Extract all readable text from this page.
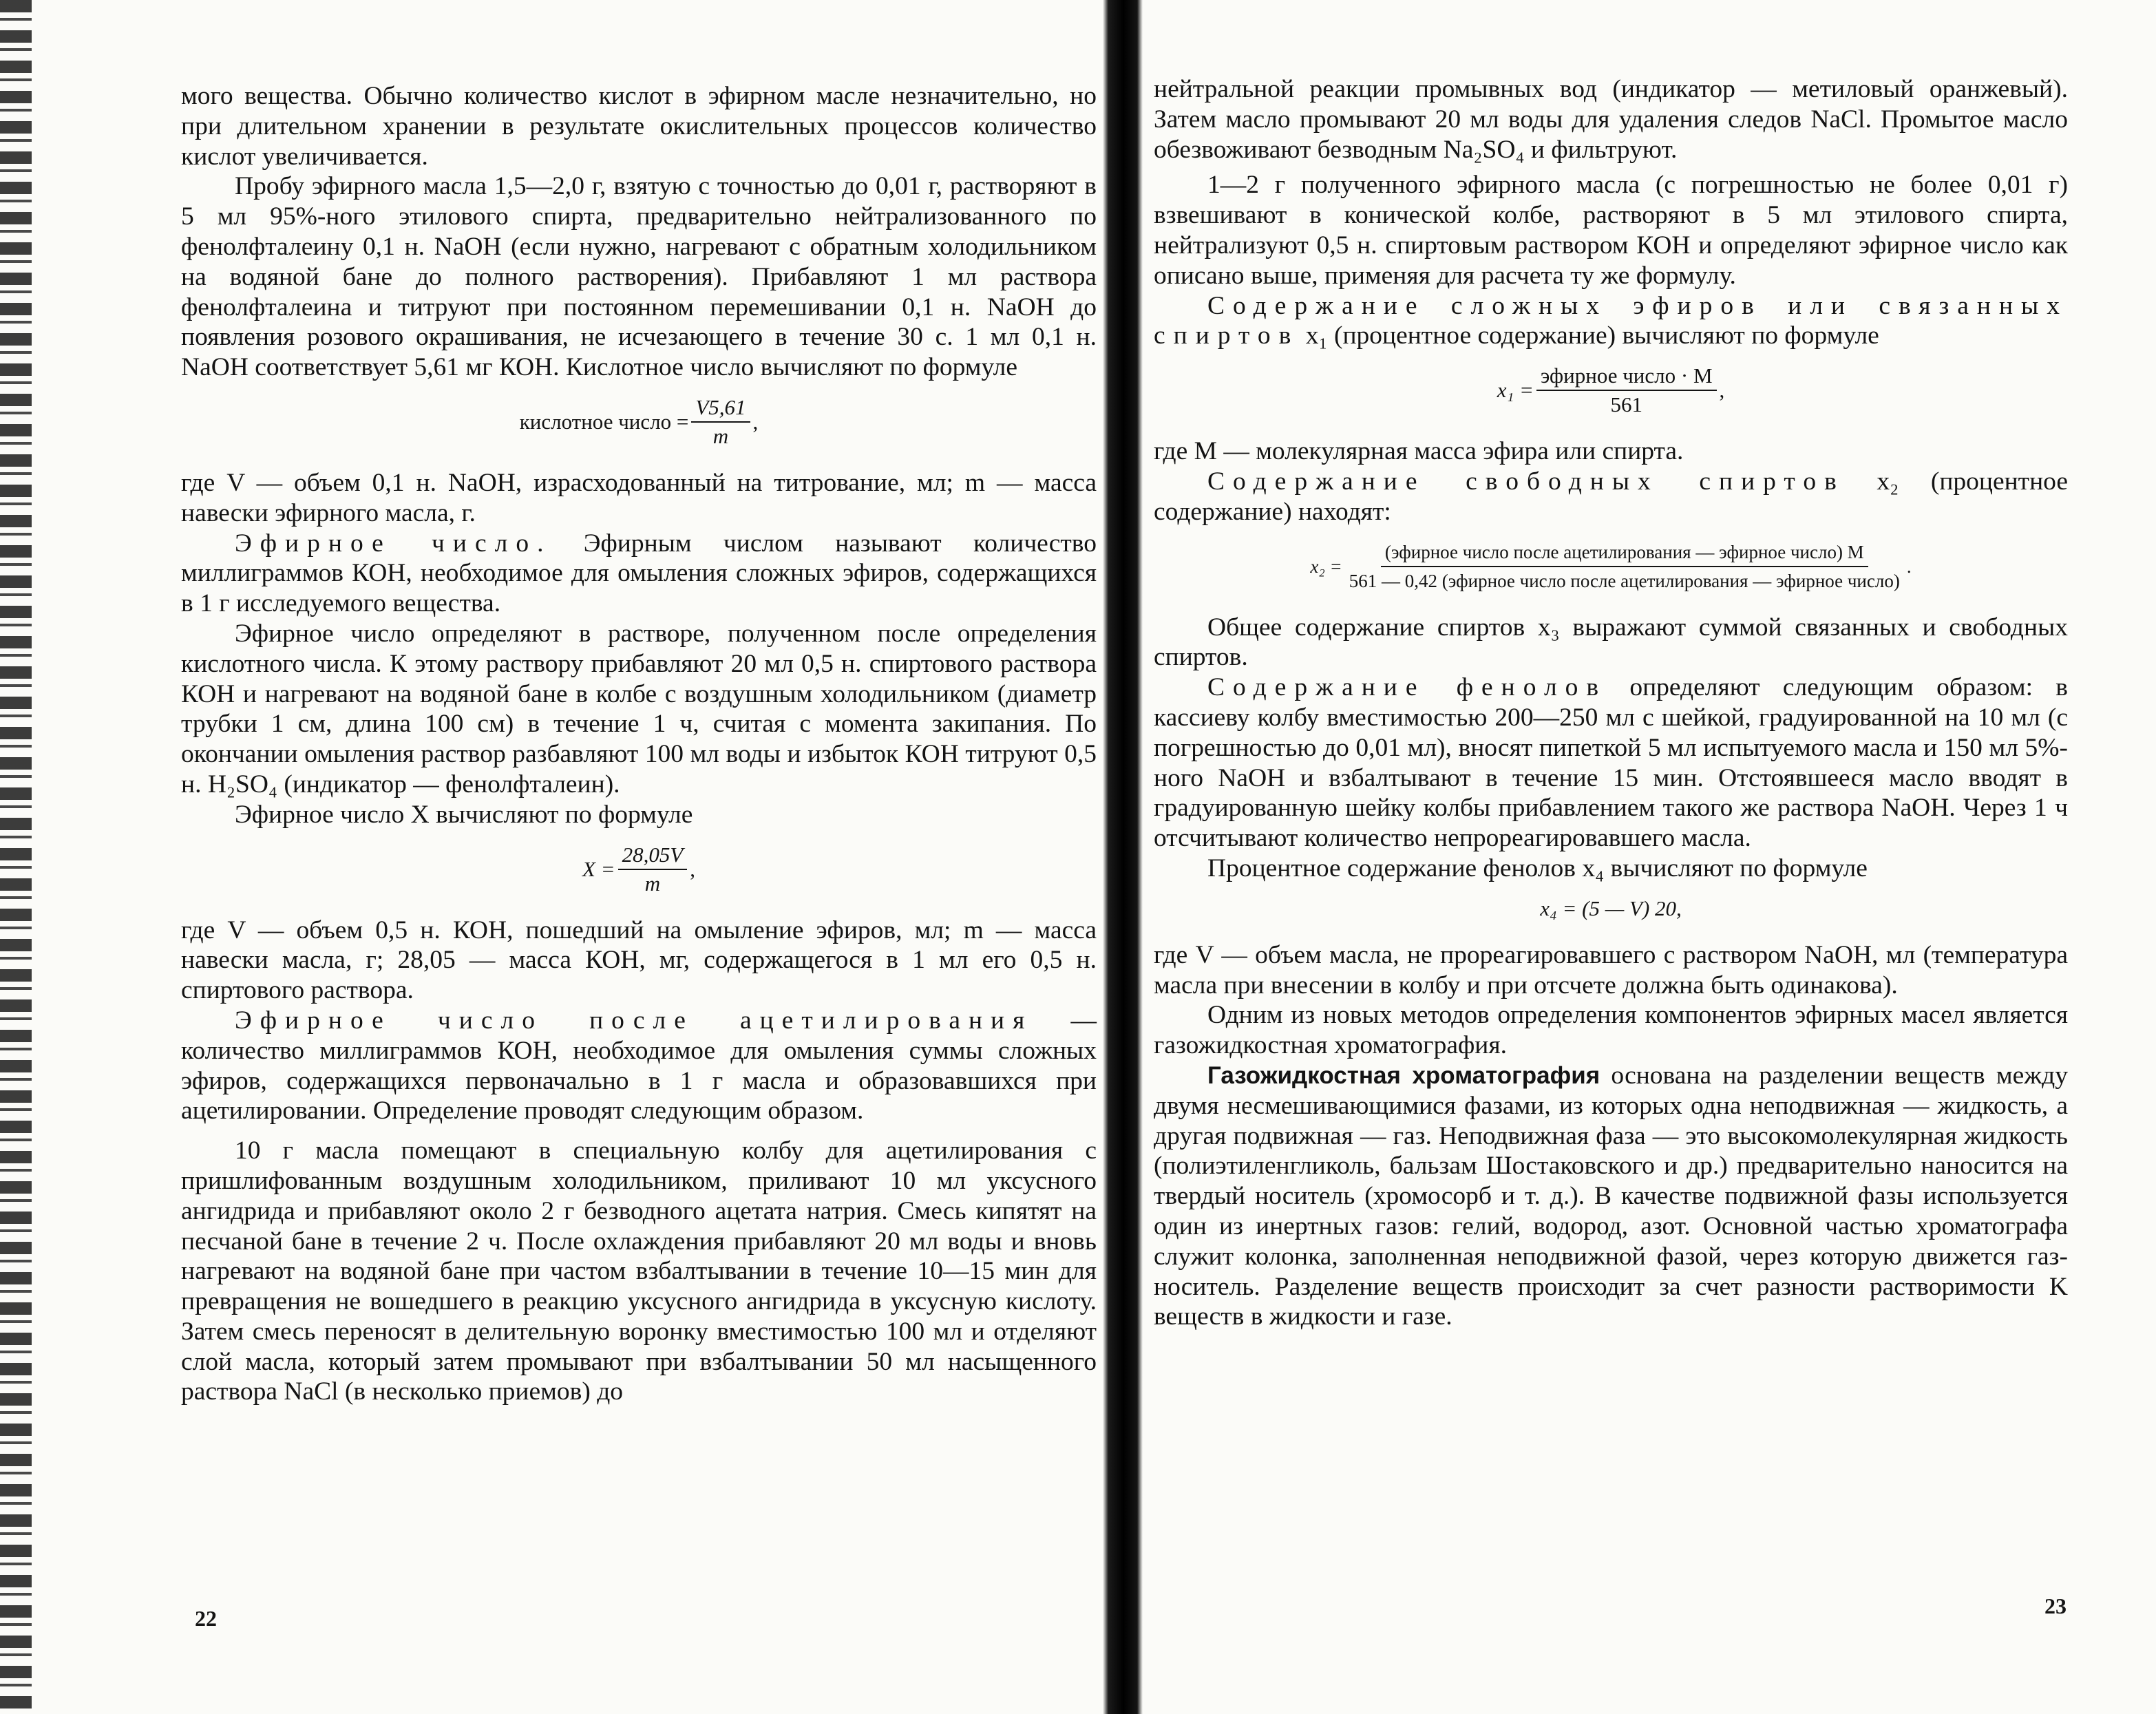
мого вещества. Обычно количество кислот в эфирном масле незначительно, но при длительном хранении в результате окислительных процессов количество кислот увеличивается.

Пробу эфирного масла 1,5—2,0 г, взятую с точностью до 0,01 г, растворяют в 5 мл 95%-ного этилового спирта, предварительно нейтрализованного по фенолфталеину 0,1 н. NaOH (если нужно, нагревают с обратным холодильником на водяной бане до полного растворения). Прибавляют 1 мл раствора фенолфталеина и титруют при постоянном перемешивании 0,1 н. NaOH до появления розового окрашивания, не исчезающего в течение 30 с. 1 мл 0,1 н. NaOH соответствует 5,61 мг КОН. Кислотное число вычисляют по формуле

кислотное число = $\frac{V5,61}{m}$ ,

где V — объем 0,1 н. NaOH, израсходованный на титрование, мл; m — масса навески эфирного масла, г.

Эфирное число. Эфирным числом называют количество миллиграммов КОН, необходимое для омыления сложных эфиров, содержащихся в 1 г исследуемого вещества.

Эфирное число определяют в растворе, полученном после определения кислотного числа. К этому раствору прибавляют 20 мл 0,5 н. спиртового раствора КОН и нагревают на водяной бане в колбе с воздушным холодильником (диаметр трубки 1 см, длина 100 см) в течение 1 ч, считая с момента закипания. По окончании омыления раствор разбавляют 100 мл воды и избыток КОН титруют 0,5 н. H₂SO₄ (индикатор — фенолфталеин).

Эфирное число X вычисляют по формуле

$X = \frac{28,05V}{m}$ ,

где V — объем 0,5 н. КОН, пошедший на омыление эфиров, мл; m — масса навески масла, г; 28,05 — масса КОН, мг, содержащегося в 1 мл его 0,5 н. спиртового раствора.

Эфирное число после ацетилирования — количество миллиграммов КОН, необходимое для омыления суммы сложных эфиров, содержащихся первоначально в 1 г масла и образовавшихся при ацетилировании. Определение проводят следующим образом.

10 г масла помещают в специальную колбу для ацетилирования с пришлифованным воздушным холодильником, приливают 10 мл уксусного ангидрида и прибавляют около 2 г безводного ацетата натрия. Смесь кипятят на песчаной бане в течение 2 ч. После охлаждения прибавляют 20 мл воды и вновь нагревают на водяной бане при частом взбалтывании в течение 10—15 мин для превращения не вошедшего в реакцию уксусного ангидрида в уксусную кислоту. Затем смесь переносят в делительную воронку вместимостью 100 мл и отделяют слой масла, который затем промывают при взбалтывании 50 мл насыщенного раствора NaCl (в несколько приемов) до

22

нейтральной реакции промывных вод (индикатор — метиловый оранжевый). Затем масло промывают 20 мл воды для удаления следов NaCl. Промытое масло обезвоживают безводным Na₂SO₄ и фильтруют.

1—2 г полученного эфирного масла (с погрешностью не более 0,01 г) взвешивают в конической колбе, растворяют в 5 мл этилового спирта, нейтрализуют 0,5 н. спиртовым раствором КОН и определяют эфирное число как описано выше, применяя для расчета ту же формулу.

Содержание сложных эфиров или связанных спиртов x₁ (процентное содержание) вычисляют по формуле

$x_1 = \frac{\text{эфирное число · M}}{561}$ ,

где M — молекулярная масса эфира или спирта.

Содержание свободных спиртов x₂ (процентное содержание) находят:

x₂ =
(эфирное число после ацетилирования — эфирное число) M
561 — 0,42 (эфирное число после ацетилирования — эфирное число)
.

Общее содержание спиртов x₃ выражают суммой связанных и свободных спиртов.

Содержание фенолов определяют следующим образом: в кассиеву колбу вместимостью 200—250 мл с шейкой, градуированной на 10 мл (с погрешностью до 0,01 мл), вносят пипеткой 5 мл испытуемого масла и 150 мл 5%-ного NaOH и взбалтывают в течение 15 мин. Отстоявшееся масло вводят в градуированную шейку колбы прибавлением такого же раствора NaOH. Через 1 ч отсчитывают количество непрореагировавшего масла.

Процентное содержание фенолов x₄ вычисляют по формуле

x₄ = (5 — V) 20,

где V — объем масла, не прореагировавшего с раствором NaOH, мл (температура масла при внесении в колбу и при отсчете должна быть одинакова).

Одним из новых методов определения компонентов эфирных масел является газожидкостная хроматография.

Газожидкостная хроматография основана на разделении веществ между двумя несмешивающимися фазами, из которых одна неподвижная — жидкость, а другая подвижная — газ. Неподвижная фаза — это высокомолекулярная жидкость (полиэтиленгликоль, бальзам Шостаковского и др.) предварительно наносится на твердый носитель (хромосорб и т. д.). В качестве подвижной фазы используется один из инертных газов: гелий, водород, азот. Основной частью хроматографа служит колонка, заполненная неподвижной фазой, через которую движется газ-носитель. Разделение веществ происходит за счет разности растворимости K веществ в жидкости и газе.

23
